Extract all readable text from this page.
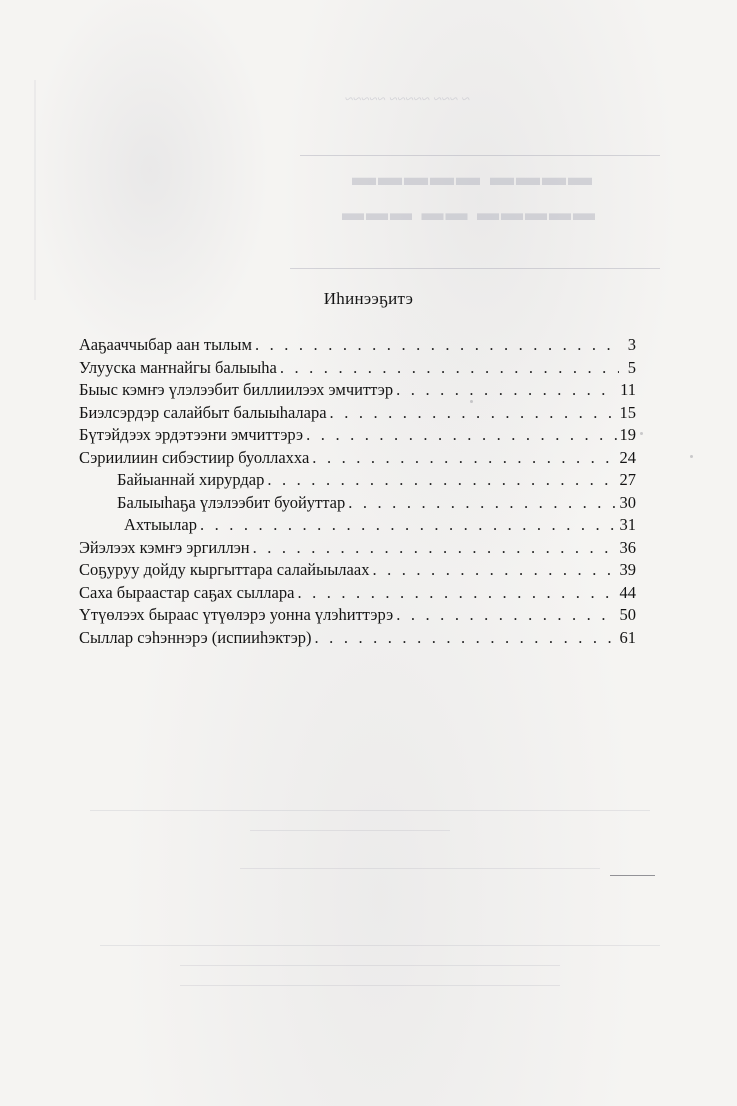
~ ~~~ ~~~~~ ~~~~~
▬▬▬▬ ▬▬▬▬▬
▬▬▬▬▬ ▬▬ ▬▬▬
Иһинээҕитэ
Ааҕааччыбар аан тылым . . .	3
Улууска маҥнайгы балыыһа . . .	5
Быыс кэмҥэ үлэлээбит биллиилээх эмчиттэр . . .	11
Биэлсэрдэр салайбыт балыыһалара . . .	15
Бүтэйдээх эрдэтээҥи эмчиттэрэ . . .	19
Сэриилиин сибэстиир буоллахха . . .	24
Байыаннай хирурдар . . .	27
Балыыһаҕа үлэлээбит буойуттар . . .	30
Ахтыылар . . .	31
Эйэлээх кэмҥэ эргиллэн . . .	36
Соҕуруу дойду кыргыттара салайыылаах . . .	39
Саха быраастар саҕах сыллара . . .	44
Үтүөлээх быраас үтүөлэрэ уонна үлэһиттэрэ . . .	50
Сыллар сэһэннэрэ (испииһэктэр) . . .	61
